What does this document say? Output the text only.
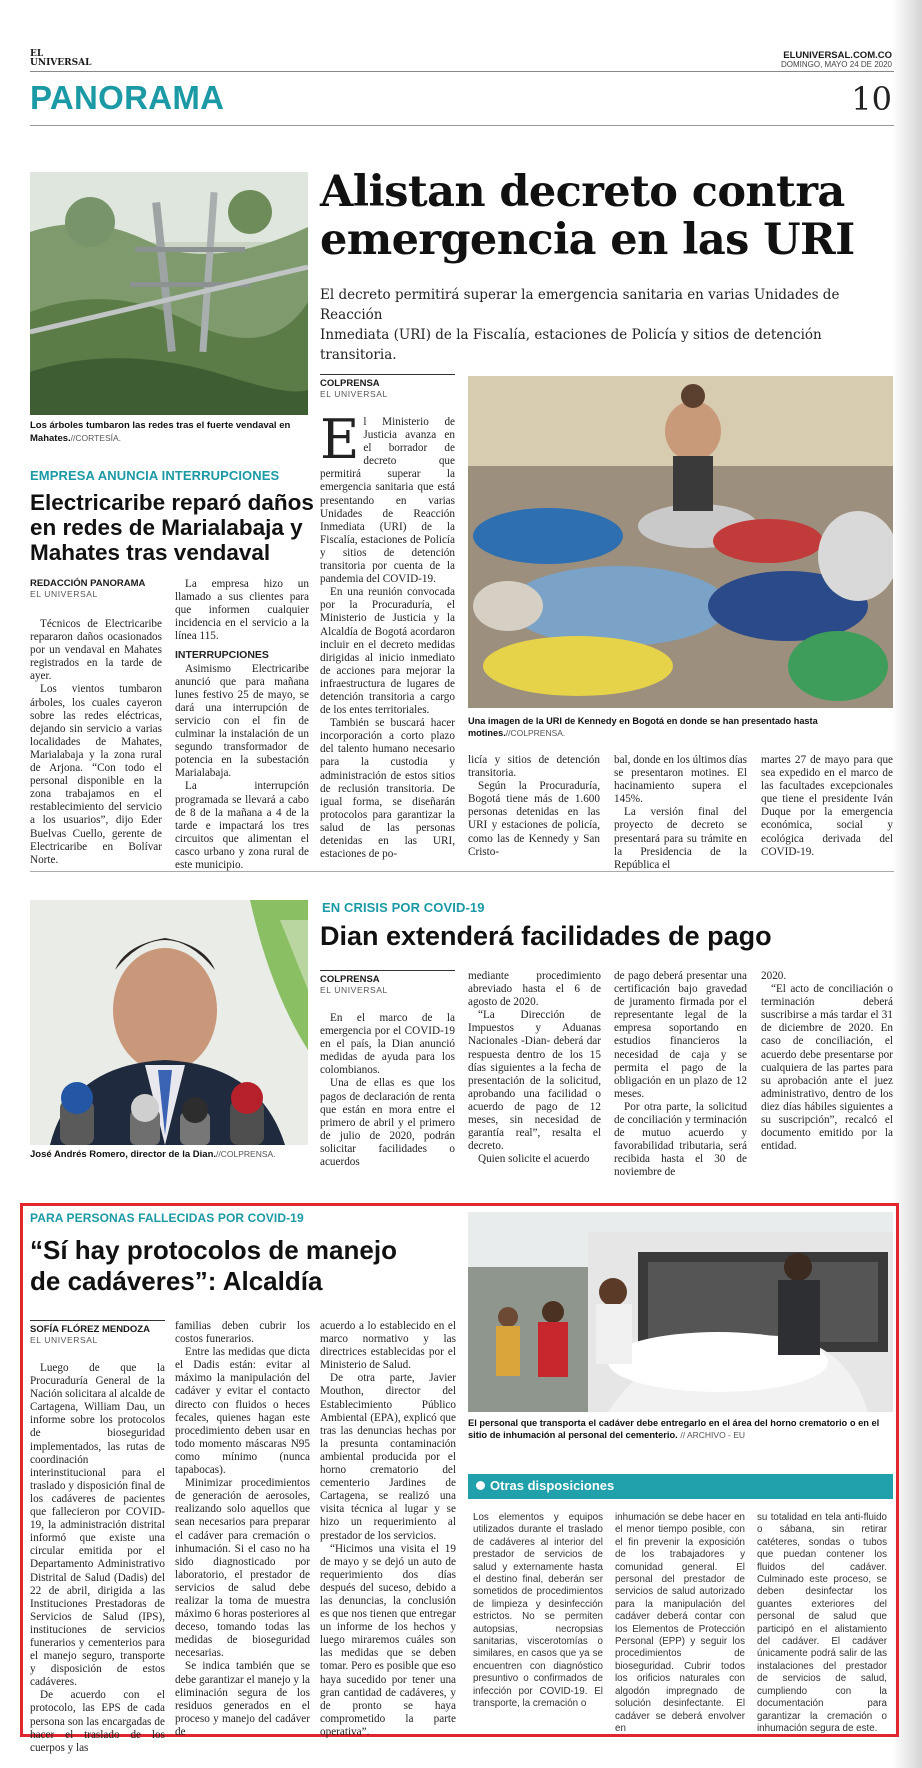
EL
UNIVERSAL
ELUNIVERSAL.COM.CO
DOMINGO, MAYO 24 DE 2020
PANORAMA	10
Los árboles tumbaron las redes tras el fuerte vendaval en Mahates.//CORTESÍA.
EMPRESA ANUNCIA INTERRUPCIONES
Electricaribe reparó daños
en redes de Marialabaja y
Mahates tras vendaval
REDACCIÓN PANORAMA
EL UNIVERSAL

Técnicos de Electricaribe repararon daños ocasionados por un vendaval en Mahates registrados en la tarde de ayer.

Los vientos tumbaron árboles, los cuales cayeron sobre las redes eléctricas, dejando sin servicio a varias localidades de Mahates, Marialabaja y la zona rural de Arjona. “Con todo el personal disponible en la zona trabajamos en el restablecimiento del servicio a los usuarios”, dijo Eder Buelvas Cuello, gerente de Electricaribe en Bolívar Norte.

La empresa hizo un llamado a sus clientes para que informen cualquier incidencia en el servicio a la línea 115.

INTERRUPCIONES

Asimismo Electricaribe anunció que para mañana lunes festivo 25 de mayo, se dará una interrupción de servicio con el fin de culminar la instalación de un segundo transformador de potencia en la subestación Marialabaja.

La interrupción programada se llevará a cabo de 8 de la mañana a 4 de la tarde e impactará los tres circuitos que alimentan el casco urbano y zona rural de este municipio.

Alistan decreto contra
emergencia en las URI
El decreto permitirá superar la emergencia sanitaria en varias Unidades de Reacción
Inmediata (URI) de la Fiscalía, estaciones de Policía y sitios de detención transitoria.
COLPRENSA
EL UNIVERSAL
E l Ministerio de Justicia avanza en el borrador de decreto que permitirá superar la emergencia sanitaria que está presentando en varias Unidades de Reacción Inmediata (URI) de la Fiscalía, estaciones de Policía y sitios de detención transitoria por cuenta de la pandemia del COVID-19.

En una reunión convocada por la Procuraduría, el Ministerio de Justicia y la Alcaldía de Bogotá acordaron incluir en el decreto medidas dirigidas al inicio inmediato de acciones para mejorar la infraestructura de lugares de detención transitoria a cargo de los entes territoriales.

También se buscará hacer incorporación a corto plazo del talento humano necesario para la custodia y administración de estos sitios de reclusión transitoria. De igual forma, se diseñarán protocolos para garantizar la salud de las personas detenidas en las URI, estaciones de po-

Una imagen de la URI de Kennedy en Bogotá en donde se han presentado hasta motines.//COLPRENSA.
licía y sitios de detención transitoria.

Según la Procuraduría, Bogotá tiene más de 1.600 personas detenidas en las URI y estaciones de policía, como las de Kennedy y San Cristo-

bal, donde en los últimos días se presentaron motines. El hacinamiento supera el 145%.

La versión final del proyecto de decreto se presentará para su trámite en la Presidencia de la República el

martes 27 de mayo para que sea expedido en el marco de las facultades excepcionales que tiene el presidente Iván Duque por la emergencia económica, social y ecológica derivada del COVID-19.
José Andrés Romero, director de la Dian.//COLPRENSA.
EN CRISIS POR COVID-19
Dian extenderá facilidades de pago
COLPRENSA
EL UNIVERSAL

En el marco de la emergencia por el COVID-19 en el país, la Dian anunció medidas de ayuda para los colombianos.

Una de ellas es que los pagos de declaración de renta que están en mora entre el primero de abril y el primero de julio de 2020, podrán solicitar facilidades o acuerdos

mediante procedimiento abreviado hasta el 6 de agosto de 2020.

“La Dirección de Impuestos y Aduanas Nacionales -Dian- deberá dar respuesta dentro de los 15 días siguientes a la fecha de presentación de la solicitud, aprobando una facilidad o acuerdo de pago de 12 meses, sin necesidad de garantía real”, resalta el decreto.

Quien solicite el acuerdo

de pago deberá presentar una certificación bajo gravedad de juramento firmada por el representante legal de la empresa soportando en estudios financieros la necesidad de caja y se permita el pago de la obligación en un plazo de 12 meses.

Por otra parte, la solicitud de conciliación y terminación de mutuo acuerdo y favorabilidad tributaria, será recibida hasta el 30 de noviembre de

2020.

“El acto de conciliación o terminación deberá suscribirse a más tardar el 31 de diciembre de 2020. En caso de conciliación, el acuerdo debe presentarse por cualquiera de las partes para su aprobación ante el juez administrativo, dentro de los diez días hábiles siguientes a su suscripción”, recalcó el documento emitido por la entidad.

PARA PERSONAS FALLECIDAS POR COVID-19
“Sí hay protocolos de manejo
de cadáveres”: Alcaldía
SOFÍA FLÓREZ MENDOZA
EL UNIVERSAL

Luego de que la Procuraduría General de la Nación solicitara al alcalde de Cartagena, William Dau, un informe sobre los protocolos de bioseguridad implementados, las rutas de coordinación interinstitucional para el traslado y disposición final de los cadáveres de pacientes que fallecieron por COVID-19, la administración distrital informó que existe una circular emitida por el Departamento Administrativo Distrital de Salud (Dadis) del 22 de abril, dirigida a las Instituciones Prestadoras de Servicios de Salud (IPS), instituciones de servicios funerarios y cementerios para el manejo seguro, transporte y disposición de estos cadáveres.

De acuerdo con el protocolo, las EPS de cada persona son las encargadas de hacer el traslado de los cuerpos y las

familias deben cubrir los costos funerarios.

Entre las medidas que dicta el Dadis están: evitar al máximo la manipulación del cadáver y evitar el contacto directo con fluidos o heces fecales, quienes hagan este procedimiento deben usar en todo momento máscaras N95 como mínimo (nunca tapabocas).

Minimizar procedimientos de generación de aerosoles, realizando solo aquellos que sean necesarios para preparar el cadáver para cremación o inhumación. Si el caso no ha sido diagnosticado por laboratorio, el prestador de servicios de salud debe realizar la toma de muestra máximo 6 horas posteriores al deceso, tomando todas las medidas de bioseguridad necesarias.

Se indica también que se debe garantizar el manejo y la eliminación segura de los residuos generados en el proceso y manejo del cadáver de

acuerdo a lo establecido en el marco normativo y las directrices establecidas por el Ministerio de Salud.

De otra parte, Javier Mouthon, director del Establecimiento Público Ambiental (EPA), explicó que tras las denuncias hechas por la presunta contaminación ambiental producida por el horno crematorio del cementerio Jardines de Cartagena, se realizó una visita técnica al lugar y se hizo un requerimiento al prestador de los servicios.

“Hicimos una visita el 19 de mayo y se dejó un auto de requerimiento dos días después del suceso, debido a las denuncias, la conclusión es que nos tienen que entregar un informe de los hechos y luego miraremos cuáles son las medidas que se deben tomar. Pero es posible que eso haya sucedido por tener una gran cantidad de cadáveres, y de pronto se haya comprometido la parte operativa”.

El personal que transporta el cadáver debe entregarlo en el área del horno crematorio o en el sitio de inhumación al personal del cementerio. // ARCHIVO - EU
Otras disposiciones
Los elementos y equipos utilizados durante el traslado de cadáveres al interior del prestador de servicios de salud y externamente hasta el destino final, deberán ser sometidos de procedimientos de limpieza y desinfección estrictos. No se permiten autopsias, necropsias sanitarias, viscerotomías o similares, en casos que ya se encuentren con diagnóstico presuntivo o confirmados de infección por COVID-19. El transporte, la cremación o
inhumación se debe hacer en el menor tiempo posible, con el fin prevenir la exposición de los trabajadores y comunidad general. El personal del prestador de servicios de salud autorizado para la manipulación del cadáver deberá contar con los Elementos de Protección Personal (EPP) y seguir los procedimientos de bioseguridad. Cubrir todos los orificios naturales con algodón impregnado de solución desinfectante. El cadáver se deberá envolver en
su totalidad en tela anti-fluido o sábana, sin retirar catéteres, sondas o tubos que puedan contener los fluidos del cadáver. Culminado este proceso, se deben desinfectar los guantes exteriores del personal de salud que participó en el alistamiento del cadáver. El cadáver únicamente podrá salir de las instalaciones del prestador de servicios de salud, cumpliendo con la documentación para garantizar la cremación o inhumación segura de este.
